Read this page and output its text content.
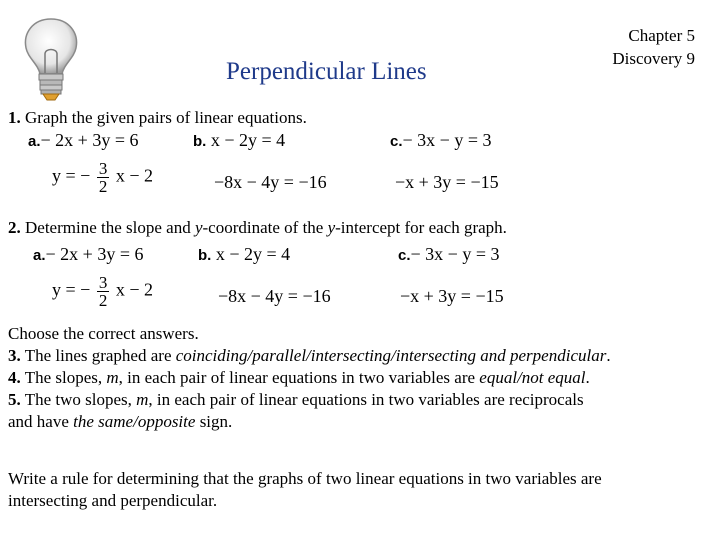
Perpendicular Lines
Chapter 5
Discovery 9
1. Graph the given pairs of linear equations.
a.− 2x + 3y = 6	b. x − 2y = 4	c.− 3x − y = 3
y = − $\frac{3}{2}$ x − 2	−8x − 4y = −16	−x + 3y = −15
2. Determine the slope and y-coordinate of the y-intercept for each graph.
a.− 2x + 3y = 6	b. x − 2y = 4	c.− 3x − y = 3
y = − $\frac{3}{2}$ x − 2	−8x − 4y = −16	−x + 3y = −15
Choose the correct answers.
3. The lines graphed are coinciding/parallel/intersecting/intersecting and perpendicular.
4. The slopes, m, in each pair of linear equations in two variables are equal/not equal.
5. The two slopes, m, in each pair of linear equations in two variables are reciprocals
and have the same/opposite sign.
Write a rule for determining that the graphs of two linear equations in two variables are
intersecting and perpendicular.
